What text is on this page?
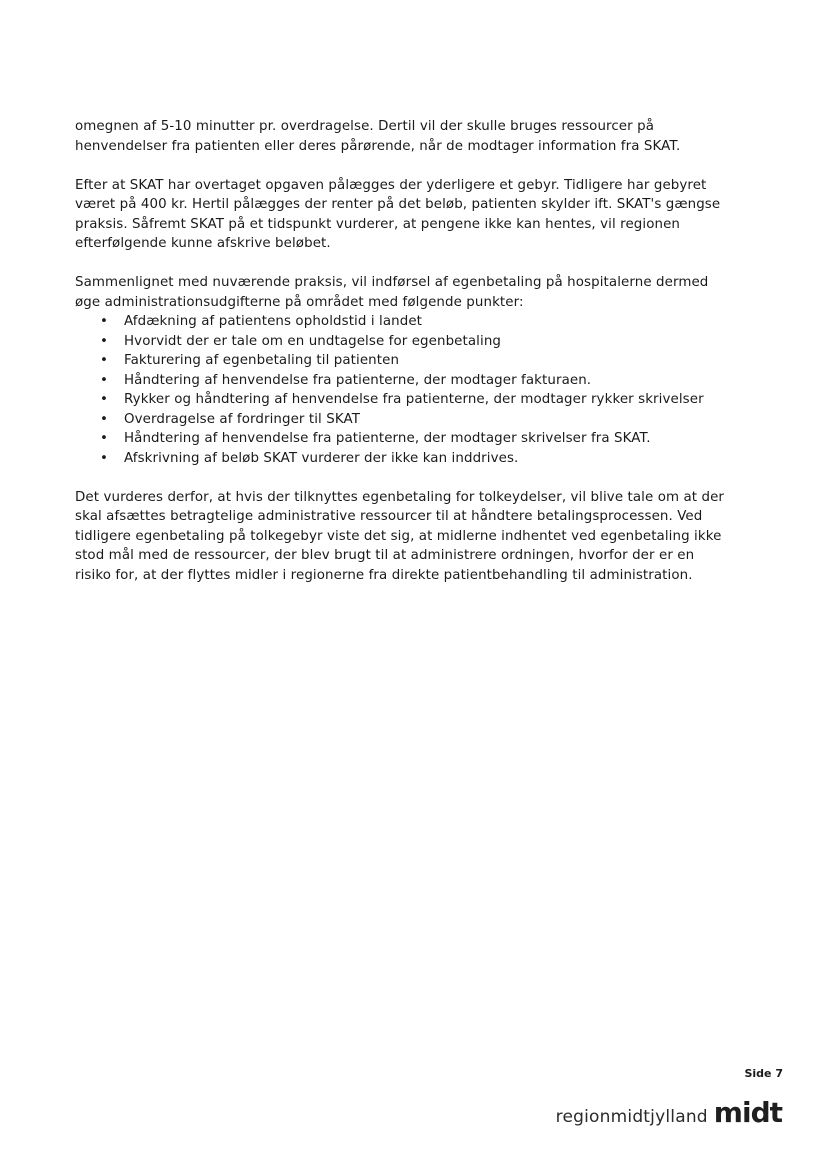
omegnen af 5-10 minutter pr. overdragelse. Dertil vil der skulle bruges ressourcer på henvendelser fra patienten eller deres pårørende, når de modtager information fra SKAT.

Efter at SKAT har overtaget opgaven pålægges der yderligere et gebyr. Tidligere har gebyret været på 400 kr. Hertil pålægges der renter på det beløb, patienten skylder ift. SKAT's gængse praksis. Såfremt SKAT på et tidspunkt vurderer, at pengene ikke kan hentes, vil regionen efterfølgende kunne afskrive beløbet.

Sammenlignet med nuværende praksis, vil indførsel af egenbetaling på hospitalerne dermed øge administrationsudgifterne på området med følgende punkter:

• Afdækning af patientens opholdstid i landet
• Hvorvidt der er tale om en undtagelse for egenbetaling
• Fakturering af egenbetaling til patienten
• Håndtering af henvendelse fra patienterne, der modtager fakturaen.
• Rykker og håndtering af henvendelse fra patienterne, der modtager rykker skrivelser
• Overdragelse af fordringer til SKAT
• Håndtering af henvendelse fra patienterne, der modtager skrivelser fra SKAT.
• Afskrivning af beløb SKAT vurderer der ikke kan inddrives.

Det vurderes derfor, at hvis der tilknyttes egenbetaling for tolkeydelser, vil blive tale om at der skal afsættes betragtelige administrative ressourcer til at håndtere betalingsprocessen. Ved tidligere egenbetaling på tolkegebyr viste det sig, at midlerne indhentet ved egenbetaling ikke stod mål med de ressourcer, der blev brugt til at administrere ordningen, hvorfor der er en risiko for, at der flyttes midler i regionerne fra direkte patientbehandling til administration.

Side 7
regionmidtjylland midt
